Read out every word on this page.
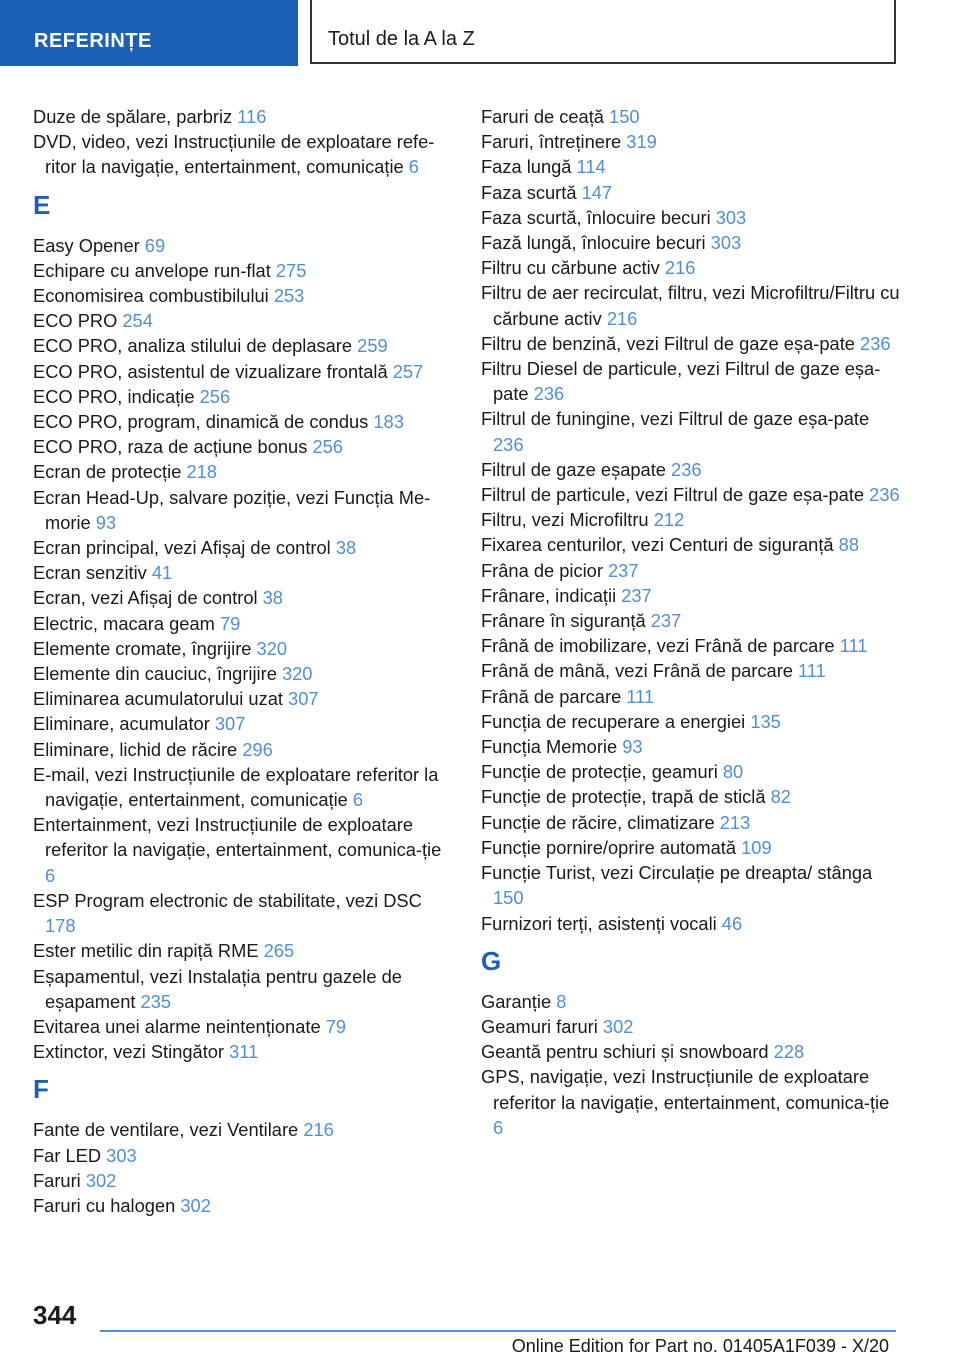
REFERINȚE	Totul de la A la Z
Duze de spălare, parbriz 116
DVD, video, vezi Instrucțiunile de exploatare refe-ritor la navigație, entertainment, comunicație 6
E
Easy Opener 69
Echipare cu anvelope run-flat 275
Economisirea combustibilului 253
ECO PRO 254
ECO PRO, analiza stilului de deplasare 259
ECO PRO, asistentul de vizualizare frontală 257
ECO PRO, indicație 256
ECO PRO, program, dinamică de condus 183
ECO PRO, raza de acțiune bonus 256
Ecran de protecție 218
Ecran Head-Up, salvare poziție, vezi Funcția Me-morie 93
Ecran principal, vezi Afișaj de control 38
Ecran senzitiv 41
Ecran, vezi Afișaj de control 38
Electric, macara geam 79
Elemente cromate, îngrijire 320
Elemente din cauciuc, îngrijire 320
Eliminarea acumulatorului uzat 307
Eliminare, acumulator 307
Eliminare, lichid de răcire 296
E-mail, vezi Instrucțiunile de exploatare referitor la navigație, entertainment, comunicație 6
Entertainment, vezi Instrucțiunile de exploatare referitor la navigație, entertainment, comunica-ție 6
ESP Program electronic de stabilitate, vezi DSC 178
Ester metilic din rapiță RME 265
Eșapamentul, vezi Instalația pentru gazele de eșapament 235
Evitarea unei alarme neintenționate 79
Extinctor, vezi Stingător 311
F
Fante de ventilare, vezi Ventilare 216
Far LED 303
Faruri 302
Faruri cu halogen 302
Faruri de ceață 150
Faruri, întreținere 319
Faza lungă 114
Faza scurtă 147
Faza scurtă, înlocuire becuri 303
Fază lungă, înlocuire becuri 303
Filtru cu cărbune activ 216
Filtru de aer recirculat, filtru, vezi Microfiltru/Filtru cu cărbune activ 216
Filtru de benzină, vezi Filtrul de gaze eșa-pate 236
Filtru Diesel de particule, vezi Filtrul de gaze eșa-pate 236
Filtrul de funingine, vezi Filtrul de gaze eșa-pate 236
Filtrul de gaze eșapate 236
Filtrul de particule, vezi Filtrul de gaze eșa-pate 236
Filtru, vezi Microfiltru 212
Fixarea centurilor, vezi Centuri de siguranță 88
Frâna de picior 237
Frânare, indicații 237
Frânare în siguranță 237
Frână de imobilizare, vezi Frână de parcare 111
Frână de mână, vezi Frână de parcare 111
Frână de parcare 111
Funcția de recuperare a energiei 135
Funcția Memorie 93
Funcție de protecție, geamuri 80
Funcție de protecție, trapă de sticlă 82
Funcție de răcire, climatizare 213
Funcție pornire/oprire automată 109
Funcție Turist, vezi Circulație pe dreapta/ stânga 150
Furnizori terți, asistenți vocali 46
G
Garanție 8
Geamuri faruri 302
Geantă pentru schiuri și snowboard 228
GPS, navigație, vezi Instrucțiunile de exploatare referitor la navigație, entertainment, comunica-ție 6
344
Online Edition for Part no. 01405A1F039 - X/20
